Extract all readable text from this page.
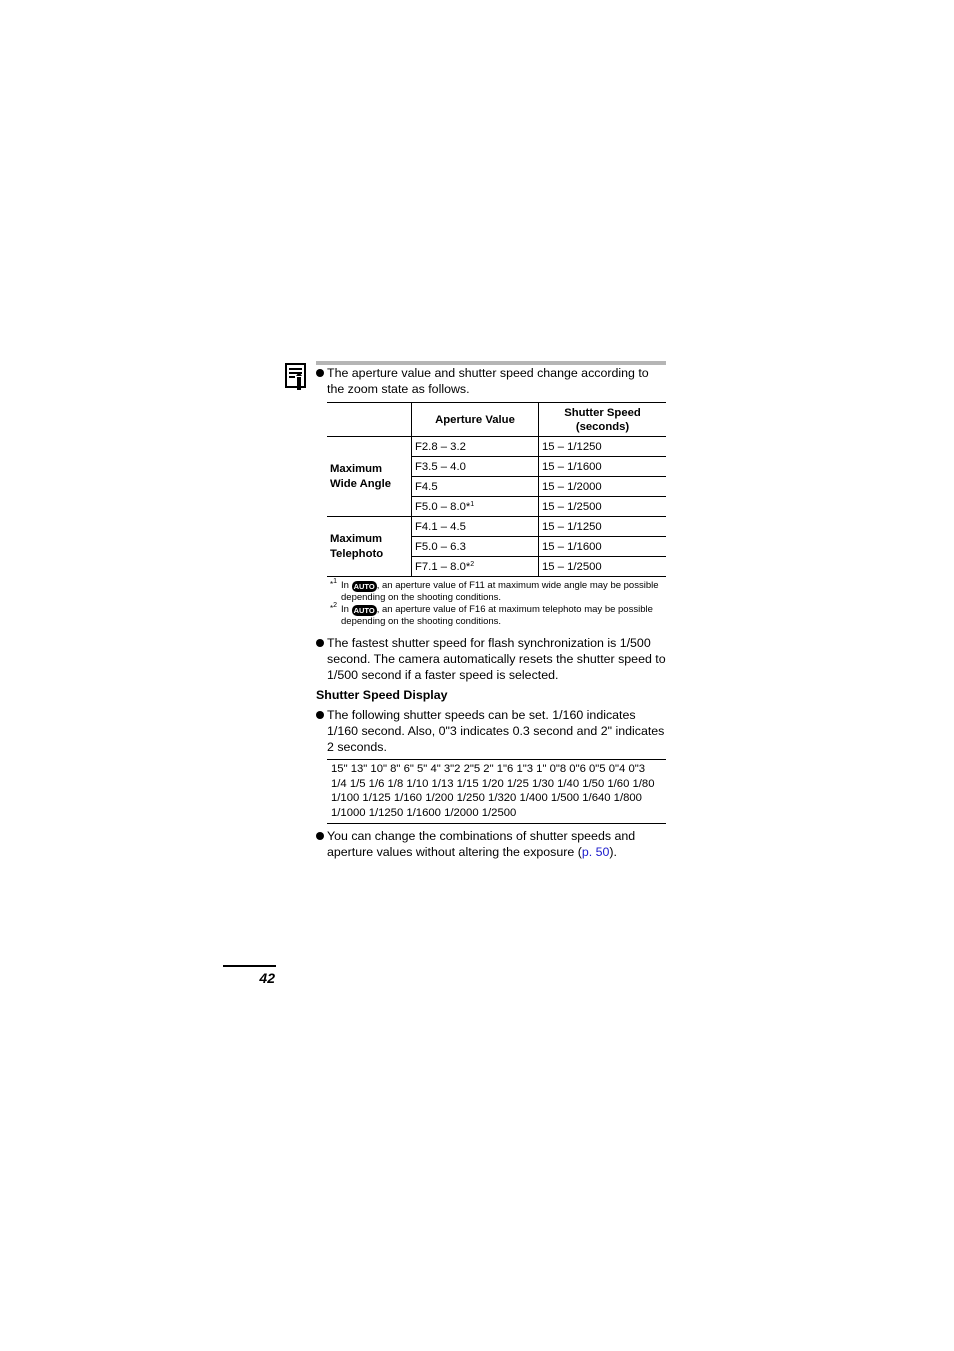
The aperture value and shutter speed change according to the zoom state as follows.
	Aperture Value	Shutter Speed (seconds)
Maximum Wide Angle	F2.8 – 3.2	15 – 1/1250
	F3.5 – 4.0	15 – 1/1600
	F4.5	15 – 1/2000
	F5.0 – 8.0*$^1$	15 – 1/2500
Maximum Telephoto	F4.1 – 4.5	15 – 1/1250
	F5.0 – 6.3	15 – 1/1600
	F7.1 – 8.0*$^2$	15 – 1/2500
*$^1$ In AUTO , an aperture value of F11 at maximum wide angle may be possible depending on the shooting conditions.
*$^2$ In AUTO , an aperture value of F16 at maximum telephoto may be possible depending on the shooting conditions.
The fastest shutter speed for flash synchronization is 1/500 second. The camera automatically resets the shutter speed to 1/500 second if a faster speed is selected.
Shutter Speed Display
The following shutter speeds can be set. 1/160 indicates 1/160 second. Also, 0"3 indicates 0.3 second and 2" indicates 2 seconds.
15" 13" 10" 8" 6" 5" 4" 3"2 2"5 2" 1"6 1"3 1" 0"8 0"6 0"5 0"4 0"3 1/4 1/5 1/6 1/8 1/10 1/13 1/15 1/20 1/25 1/30 1/40 1/50 1/60 1/80 1/100 1/125 1/160 1/200 1/250 1/320 1/400 1/500 1/640 1/800 1/1000 1/1250 1/1600 1/2000 1/2500
You can change the combinations of shutter speeds and aperture values without altering the exposure (p. 50).
42
